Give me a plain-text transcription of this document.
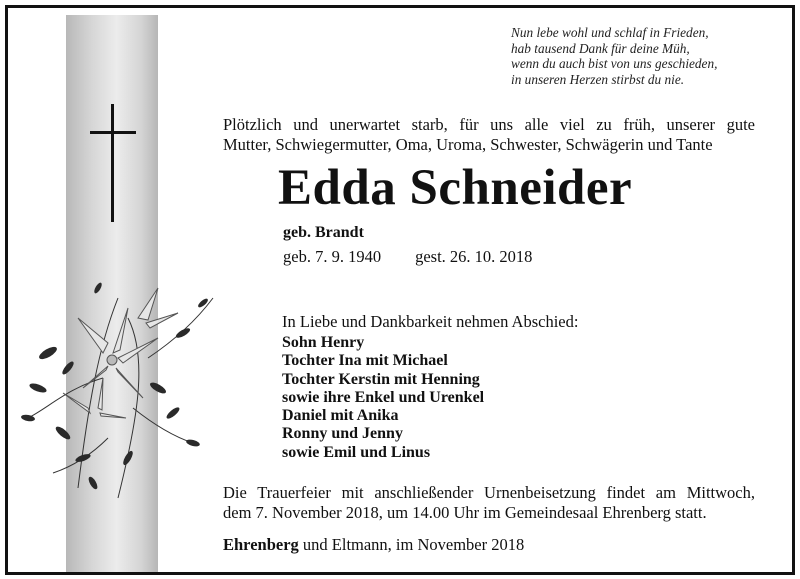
Nun lebe wohl und schlaf in Frieden,
hab tausend Dank für deine Müh,
wenn du auch bist von uns geschieden,
in unseren Herzen stirbst du nie.
Plötzlich und unerwartet starb, für uns alle viel zu früh, unserer gute
Mutter, Schwiegermutter, Oma, Uroma, Schwester, Schwägerin und Tante
Edda Schneider
geb. Brandt
geb. 7. 9. 1940 gest. 26. 10. 2018
In Liebe und Dankbarkeit nehmen Abschied:
Sohn Henry
Tochter Ina mit Michael
Tochter Kerstin mit Henning
sowie ihre Enkel und Urenkel
Daniel mit Anika
Ronny und Jenny
sowie Emil und Linus
Die Trauerfeier mit anschließender Urnenbeisetzung findet am Mittwoch,
dem 7. November 2018, um 14.00 Uhr im Gemeindesaal Ehrenberg statt.
Ehrenberg und Eltmann, im November 2018
